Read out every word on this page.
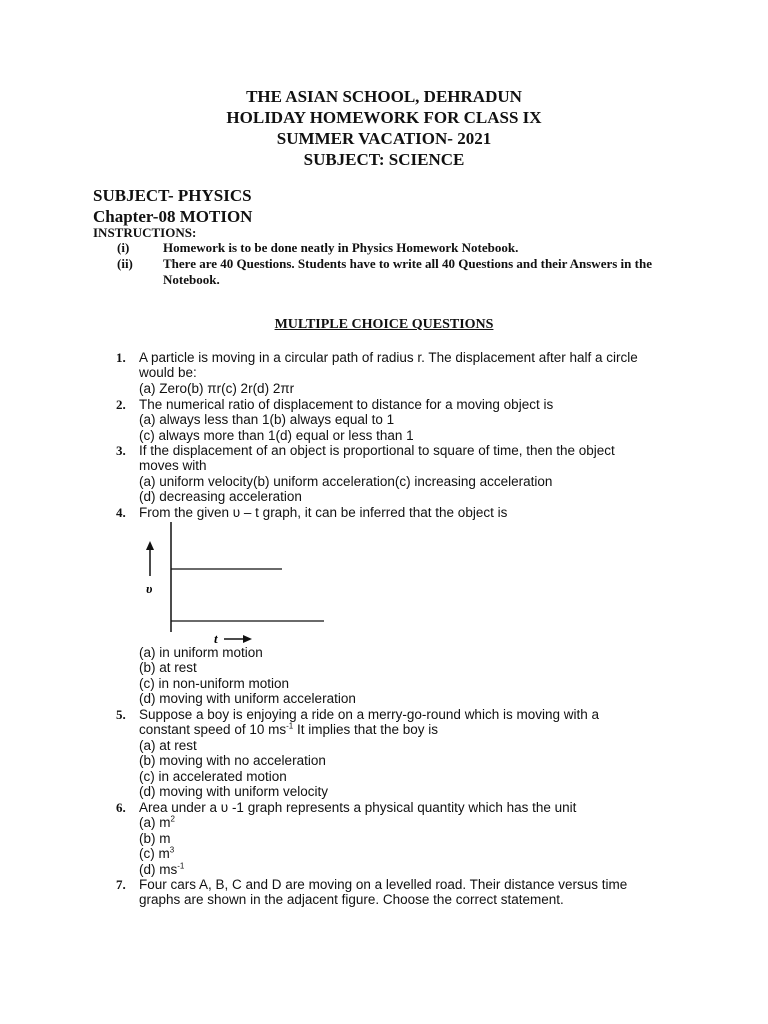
THE ASIAN SCHOOL, DEHRADUN
HOLIDAY HOMEWORK FOR CLASS IX
SUMMER VACATION- 2021
SUBJECT: SCIENCE
SUBJECT- PHYSICS
Chapter-08 MOTION
INSTRUCTIONS:
(i)	Homework is to be done neatly in Physics Homework Notebook.
(ii) There are 40 Questions. Students have to write all 40 Questions and their Answers in the Notebook.
MULTIPLE CHOICE QUESTIONS
1. A particle is moving in a circular path of radius r. The displacement after half a circle
would be:
(a) Zero(b) πr(c) 2r(d) 2πr
2. The numerical ratio of displacement to distance for a moving object is
(a) always less than 1(b) always equal to 1
(c) always more than 1(d) equal or less than 1
3. If the displacement of an object is proportional to square of time, then the object
moves with
(a) uniform velocity(b) uniform acceleration(c) increasing acceleration
(d) decreasing acceleration
4. From the given υ – t graph, it can be inferred that the object is
υ
t
(a) in uniform motion
(b) at rest
(c) in non-uniform motion
(d) moving with uniform acceleration
5. Suppose a boy is enjoying a ride on a merry-go-round which is moving with a
constant speed of 10 $ms^{-1}$ It implies that the boy is
(a) at rest
(b) moving with no acceleration
(c) in accelerated motion
(d) moving with uniform velocity
6. Area under a υ -1 graph represents a physical quantity which has the unit
(a) $m^2$
(b) m
(c) $m^3$
(d) $ms^{-1}$
7. Four cars A, B, C and D are moving on a levelled road. Their distance versus time
graphs are shown in the adjacent figure. Choose the correct statement.
